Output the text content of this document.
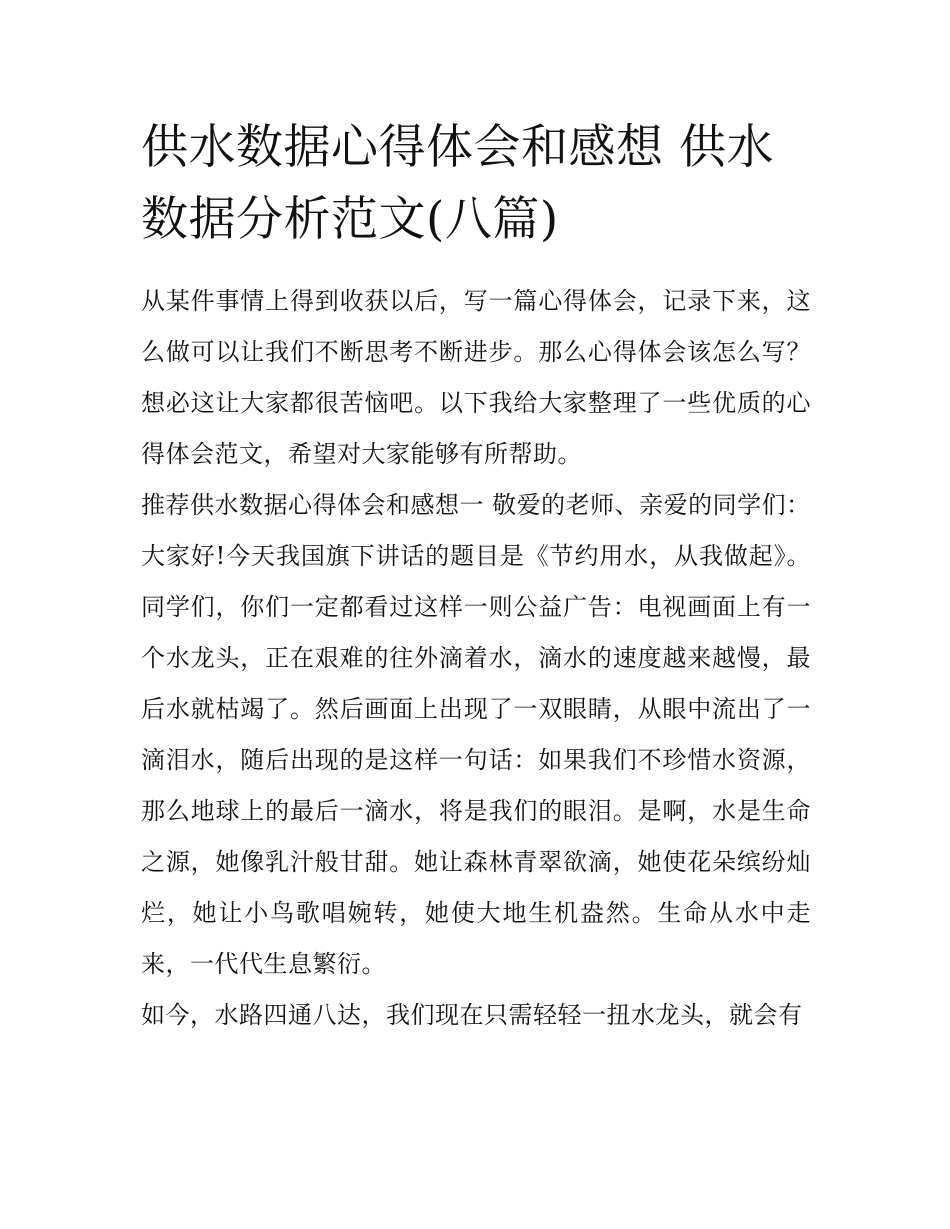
供水数据心得体会和感想 供水数据分析范文(八篇)

从某件事情上得到收获以后，写一篇心得体会，记录下来，这么做可以让我们不断思考不断进步。那么心得体会该怎么写？想必这让大家都很苦恼吧。以下我给大家整理了一些优质的心得体会范文，希望对大家能够有所帮助。

推荐供水数据心得体会和感想一 敬爱的老师、亲爱的同学们：

大家好!今天我国旗下讲话的题目是《节约用水，从我做起》。同学们，你们一定都看过这样一则公益广告：电视画面上有一个水龙头，正在艰难的往外滴着水，滴水的速度越来越慢，最后水就枯竭了。然后画面上出现了一双眼睛，从眼中流出了一滴泪水，随后出现的是这样一句话：如果我们不珍惜水资源，那么地球上的最后一滴水，将是我们的眼泪。是啊，水是生命之源，她像乳汁般甘甜。她让森林青翠欲滴，她使花朵缤纷灿烂，她让小鸟歌唱婉转，她使大地生机盎然。生命从水中走来，一代代生息繁衍。

如今，水路四通八达，我们现在只需轻轻一扭水龙头，就会有
